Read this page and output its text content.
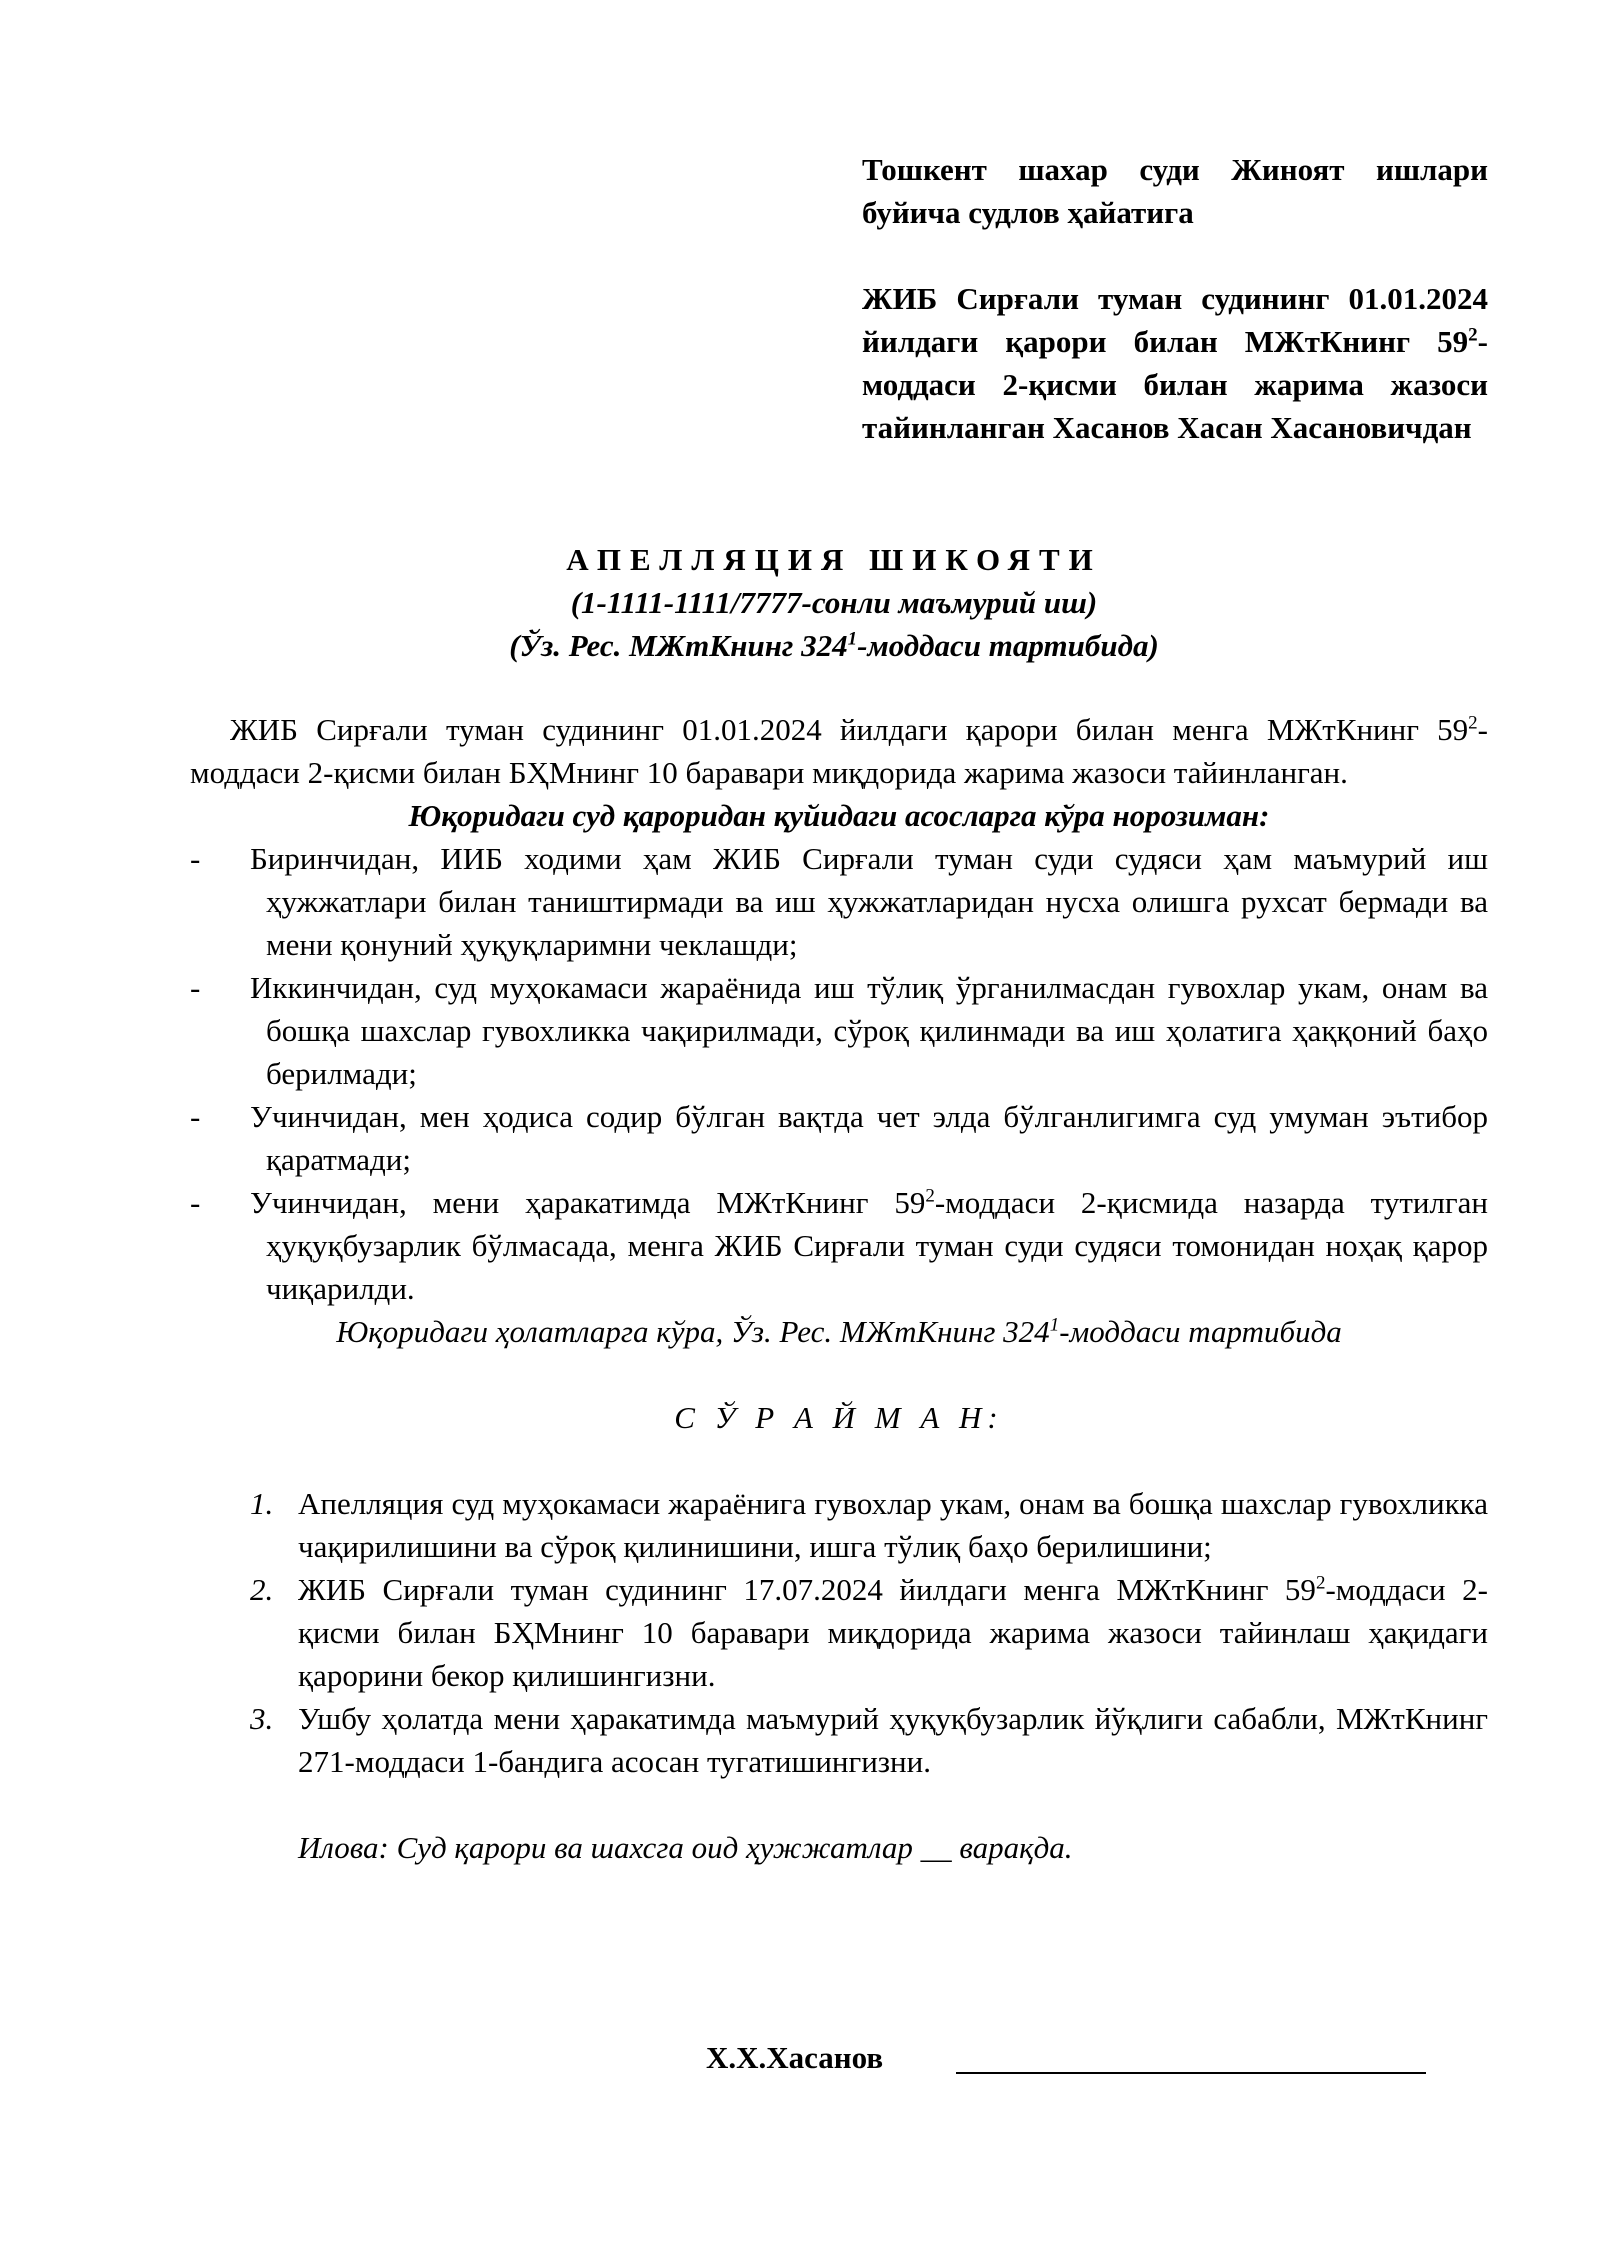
Тошкент шахар суди Жиноят ишлари буйича судлов ҳайатига

ЖИБ Сирғали туман судининг 01.01.2024 йилдаги қарори билан МЖтКнинг $59^2$-моддаси 2-қисми билан жарима жазоси тайинланган Хасанов Хасан Хасановичдан

АПЕЛЛЯЦИЯ ШИКОЯТИ
(1-1111-1111/7777-сонли маъмурий иш)
(Ўз. Рес. МЖтКнинг $324^1$-моддаси тартибида)

ЖИБ Сирғали туман судининг 01.01.2024 йилдаги қарори билан менга МЖтКнинг $59^2$-моддаси 2-қисми билан БҲМнинг 10 баравари миқдорида жарима жазоси тайинланган.

Юқоридаги суд қароридан қуйидаги асосларга кўра норозиман:

- Биринчидан, ИИБ ходими ҳам ЖИБ Сирғали туман суди судяси ҳам маъмурий иш ҳужжатлари билан таништирмади ва иш ҳужжатларидан нусха олишга рухсат бермади ва мени қонуний ҳуқуқларимни чеклашди;
- Иккинчидан, суд муҳокамаси жараёнида иш тўлиқ ўрганилмасдан гувохлар укам, онам ва бошқа шахслар гувохликка чақирилмади, сўроқ қилинмади ва иш ҳолатига ҳаққоний баҳо берилмади;
- Учинчидан, мен ҳодиса содир бўлган вақтда чет элда бўлганлигимга суд умуман эътибор қаратмади;
- Учинчидан, мени ҳаракатимда МЖтКнинг $59^2$-моддаси 2-қисмида назарда тутилган ҳуқуқбузарлик бўлмасада, менга ЖИБ Сирғали туман суди судяси томонидан ноҳақ қарор чиқарилди.

Юқоридаги ҳолатларга кўра, Ўз. Рес. МЖтКнинг $324^1$-моддаси тартибида

С Ў Р А Й М А Н:

1. Апелляция суд муҳокамаси жараёнига гувохлар укам, онам ва бошқа шахслар гувохликка чақирилишини ва сўроқ қилинишини, ишга тўлиқ баҳо берилишини;
2. ЖИБ Сирғали туман судининг 17.07.2024 йилдаги менга МЖтКнинг $59^2$-моддаси 2-қисми билан БҲМнинг 10 баравари миқдорида жарима жазоси тайинлаш ҳақидаги қарорини бекор қилишингизни.
3. Ушбу ҳолатда мени ҳаракатимда маъмурий ҳуқуқбузарлик йўқлиги сабабли, МЖтКнинг 271-моддаси 1-бандига асосан тугатишингизни.

Илова: Суд қарори ва шахсга оид ҳужжатлар __ варақда.

Х.Х.Хасанов
